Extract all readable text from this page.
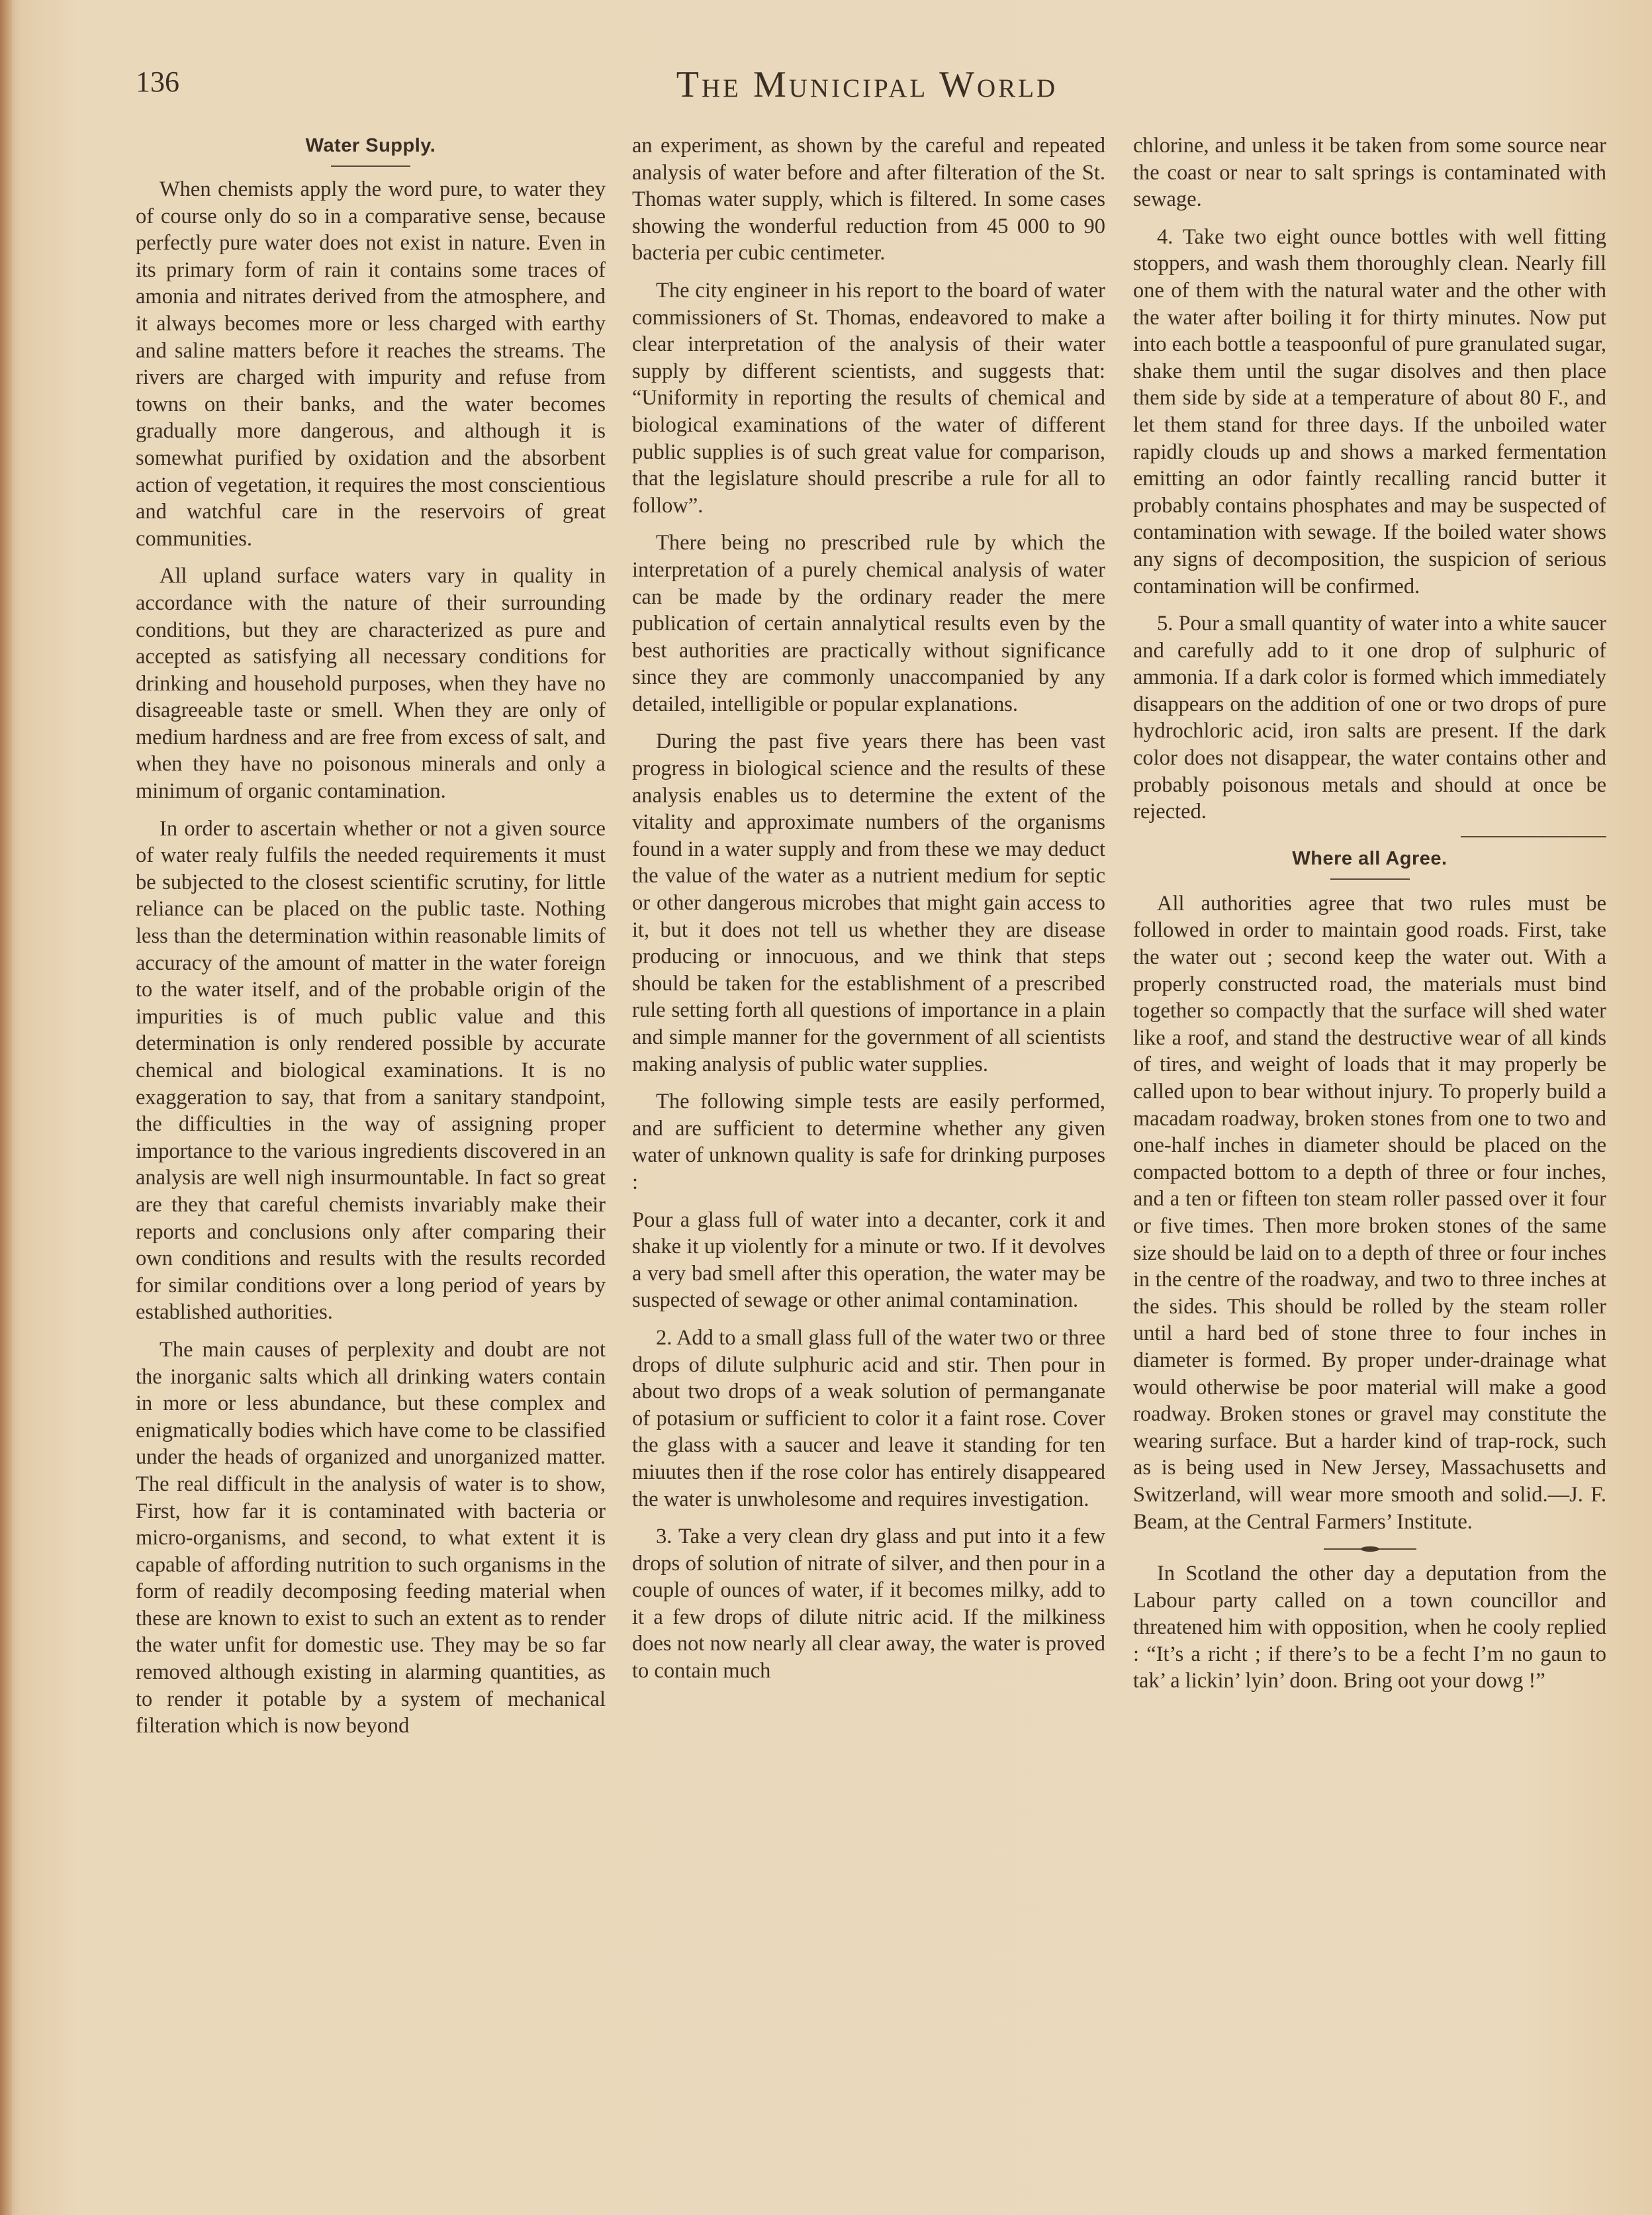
136	The Municipal World
Water Supply.

When chemists apply the word pure, to water they of course only do so in a comparative sense, because perfectly pure water does not exist in nature. Even in its primary form of rain it contains some traces of amonia and nitrates derived from the atmosphere, and it always becomes more or less charged with earthy and saline matters before it reaches the streams. The rivers are charged with impurity and refuse from towns on their banks, and the water becomes gradually more dangerous, and although it is somewhat purified by oxidation and the absorbent action of vegetation, it requires the most conscientious and watchful care in the reservoirs of great communities.

All upland surface waters vary in quality in accordance with the nature of their surrounding conditions, but they are characterized as pure and accepted as satisfying all necessary conditions for drinking and household purposes, when they have no disagreeable taste or smell. When they are only of medium hardness and are free from excess of salt, and when they have no poisonous minerals and only a minimum of organic contamination.

In order to ascertain whether or not a given source of water realy fulfils the needed requirements it must be subjected to the closest scientific scrutiny, for little reliance can be placed on the public taste. Nothing less than the determination within reasonable limits of accuracy of the amount of matter in the water foreign to the water itself, and of the probable origin of the impurities is of much public value and this determination is only rendered possible by accurate chemical and biological examinations. It is no exaggeration to say, that from a sanitary standpoint, the difficulties in the way of assigning proper importance to the various ingredients discovered in an analysis are well nigh insurmountable. In fact so great are they that careful chemists invariably make their reports and conclusions only after comparing their own conditions and results with the results recorded for similar conditions over a long period of years by established authorities.

The main causes of perplexity and doubt are not the inorganic salts which all drinking waters contain in more or less abundance, but these complex and enigmatically bodies which have come to be classified under the heads of organized and unorganized matter. The real difficult in the analysis of water is to show, First, how far it is contaminated with bacteria or micro-organisms, and second, to what extent it is capable of affording nutrition to such organisms in the form of readily decomposing feeding material when these are known to exist to such an extent as to render the water unfit for domestic use. They may be so far removed although existing in alarming quantities, as to render it potable by a system of mechanical filteration which is now beyond

an experiment, as shown by the careful and repeated analysis of water before and after filteration of the St. Thomas water supply, which is filtered. In some cases showing the wonderful reduction from 45 000 to 90 bacteria per cubic centimeter.

The city engineer in his report to the board of water commissioners of St. Thomas, endeavored to make a clear interpretation of the analysis of their water supply by different scientists, and suggests that: “Uniformity in reporting the results of chemical and biological examinations of the water of different public supplies is of such great value for comparison, that the legislature should prescribe a rule for all to follow”.

There being no prescribed rule by which the interpretation of a purely chemical analysis of water can be made by the ordinary reader the mere publication of certain annalytical results even by the best authorities are practically without significance since they are commonly unaccompanied by any detailed, intelligible or popular explanations.

During the past five years there has been vast progress in biological science and the results of these analysis enables us to determine the extent of the vitality and approximate numbers of the organisms found in a water supply and from these we may deduct the value of the water as a nutrient medium for septic or other dangerous microbes that might gain access to it, but it does not tell us whether they are disease producing or innocuous, and we think that steps should be taken for the establishment of a prescribed rule setting forth all questions of importance in a plain and simple manner for the government of all scientists making analysis of public water supplies.

The following simple tests are easily performed, and are sufficient to determine whether any given water of unknown quality is safe for drinking purposes :

Pour a glass full of water into a decanter, cork it and shake it up violently for a minute or two. If it devolves a very bad smell after this operation, the water may be suspected of sewage or other animal contamination.

2. Add to a small glass full of the water two or three drops of dilute sulphuric acid and stir. Then pour in about two drops of a weak solution of permanganate of potasium or sufficient to color it a faint rose. Cover the glass with a saucer and leave it standing for ten miuutes then if the rose color has entirely disappeared the water is unwholesome and requires investigation.

3. Take a very clean dry glass and put into it a few drops of solution of nitrate of silver, and then pour in a couple of ounces of water, if it becomes milky, add to it a few drops of dilute nitric acid. If the milkiness does not now nearly all clear away, the water is proved to contain much

chlorine, and unless it be taken from some source near the coast or near to salt springs is contaminated with sewage.

4. Take two eight ounce bottles with well fitting stoppers, and wash them thoroughly clean. Nearly fill one of them with the natural water and the other with the water after boiling it for thirty minutes. Now put into each bottle a teaspoonful of pure granulated sugar, shake them until the sugar disolves and then place them side by side at a temperature of about 80 F., and let them stand for three days. If the unboiled water rapidly clouds up and shows a marked fermentation emitting an odor faintly recalling rancid butter it probably contains phosphates and may be suspected of contamination with sewage. If the boiled water shows any signs of decomposition, the suspicion of serious contamination will be confirmed.

5. Pour a small quantity of water into a white saucer and carefully add to it one drop of sulphuric of ammonia. If a dark color is formed which immediately disappears on the addition of one or two drops of pure hydrochloric acid, iron salts are present. If the dark color does not disappear, the water contains other and probably poisonous metals and should at once be rejected.

Where all Agree.

All authorities agree that two rules must be followed in order to maintain good roads. First, take the water out ; second keep the water out. With a properly constructed road, the materials must bind together so compactly that the surface will shed water like a roof, and stand the destructive wear of all kinds of tires, and weight of loads that it may properly be called upon to bear without injury. To properly build a macadam roadway, broken stones from one to two and one-half inches in diameter should be placed on the compacted bottom to a depth of three or four inches, and a ten or fifteen ton steam roller passed over it four or five times. Then more broken stones of the same size should be laid on to a depth of three or four inches in the centre of the roadway, and two to three inches at the sides. This should be rolled by the steam roller until a hard bed of stone three to four inches in diameter is formed. By proper under-drainage what would otherwise be poor material will make a good roadway. Broken stones or gravel may constitute the wearing surface. But a harder kind of trap-rock, such as is being used in New Jersey, Massachusetts and Switzerland, will wear more smooth and solid.—J. F. Beam, at the Central Farmers’ Institute.

In Scotland the other day a deputation from the Labour party called on a town councillor and threatened him with opposition, when he cooly replied : “It’s a richt ; if there’s to be a fecht I’m no gaun to tak’ a lickin’ lyin’ doon. Bring oot your dowg !”
